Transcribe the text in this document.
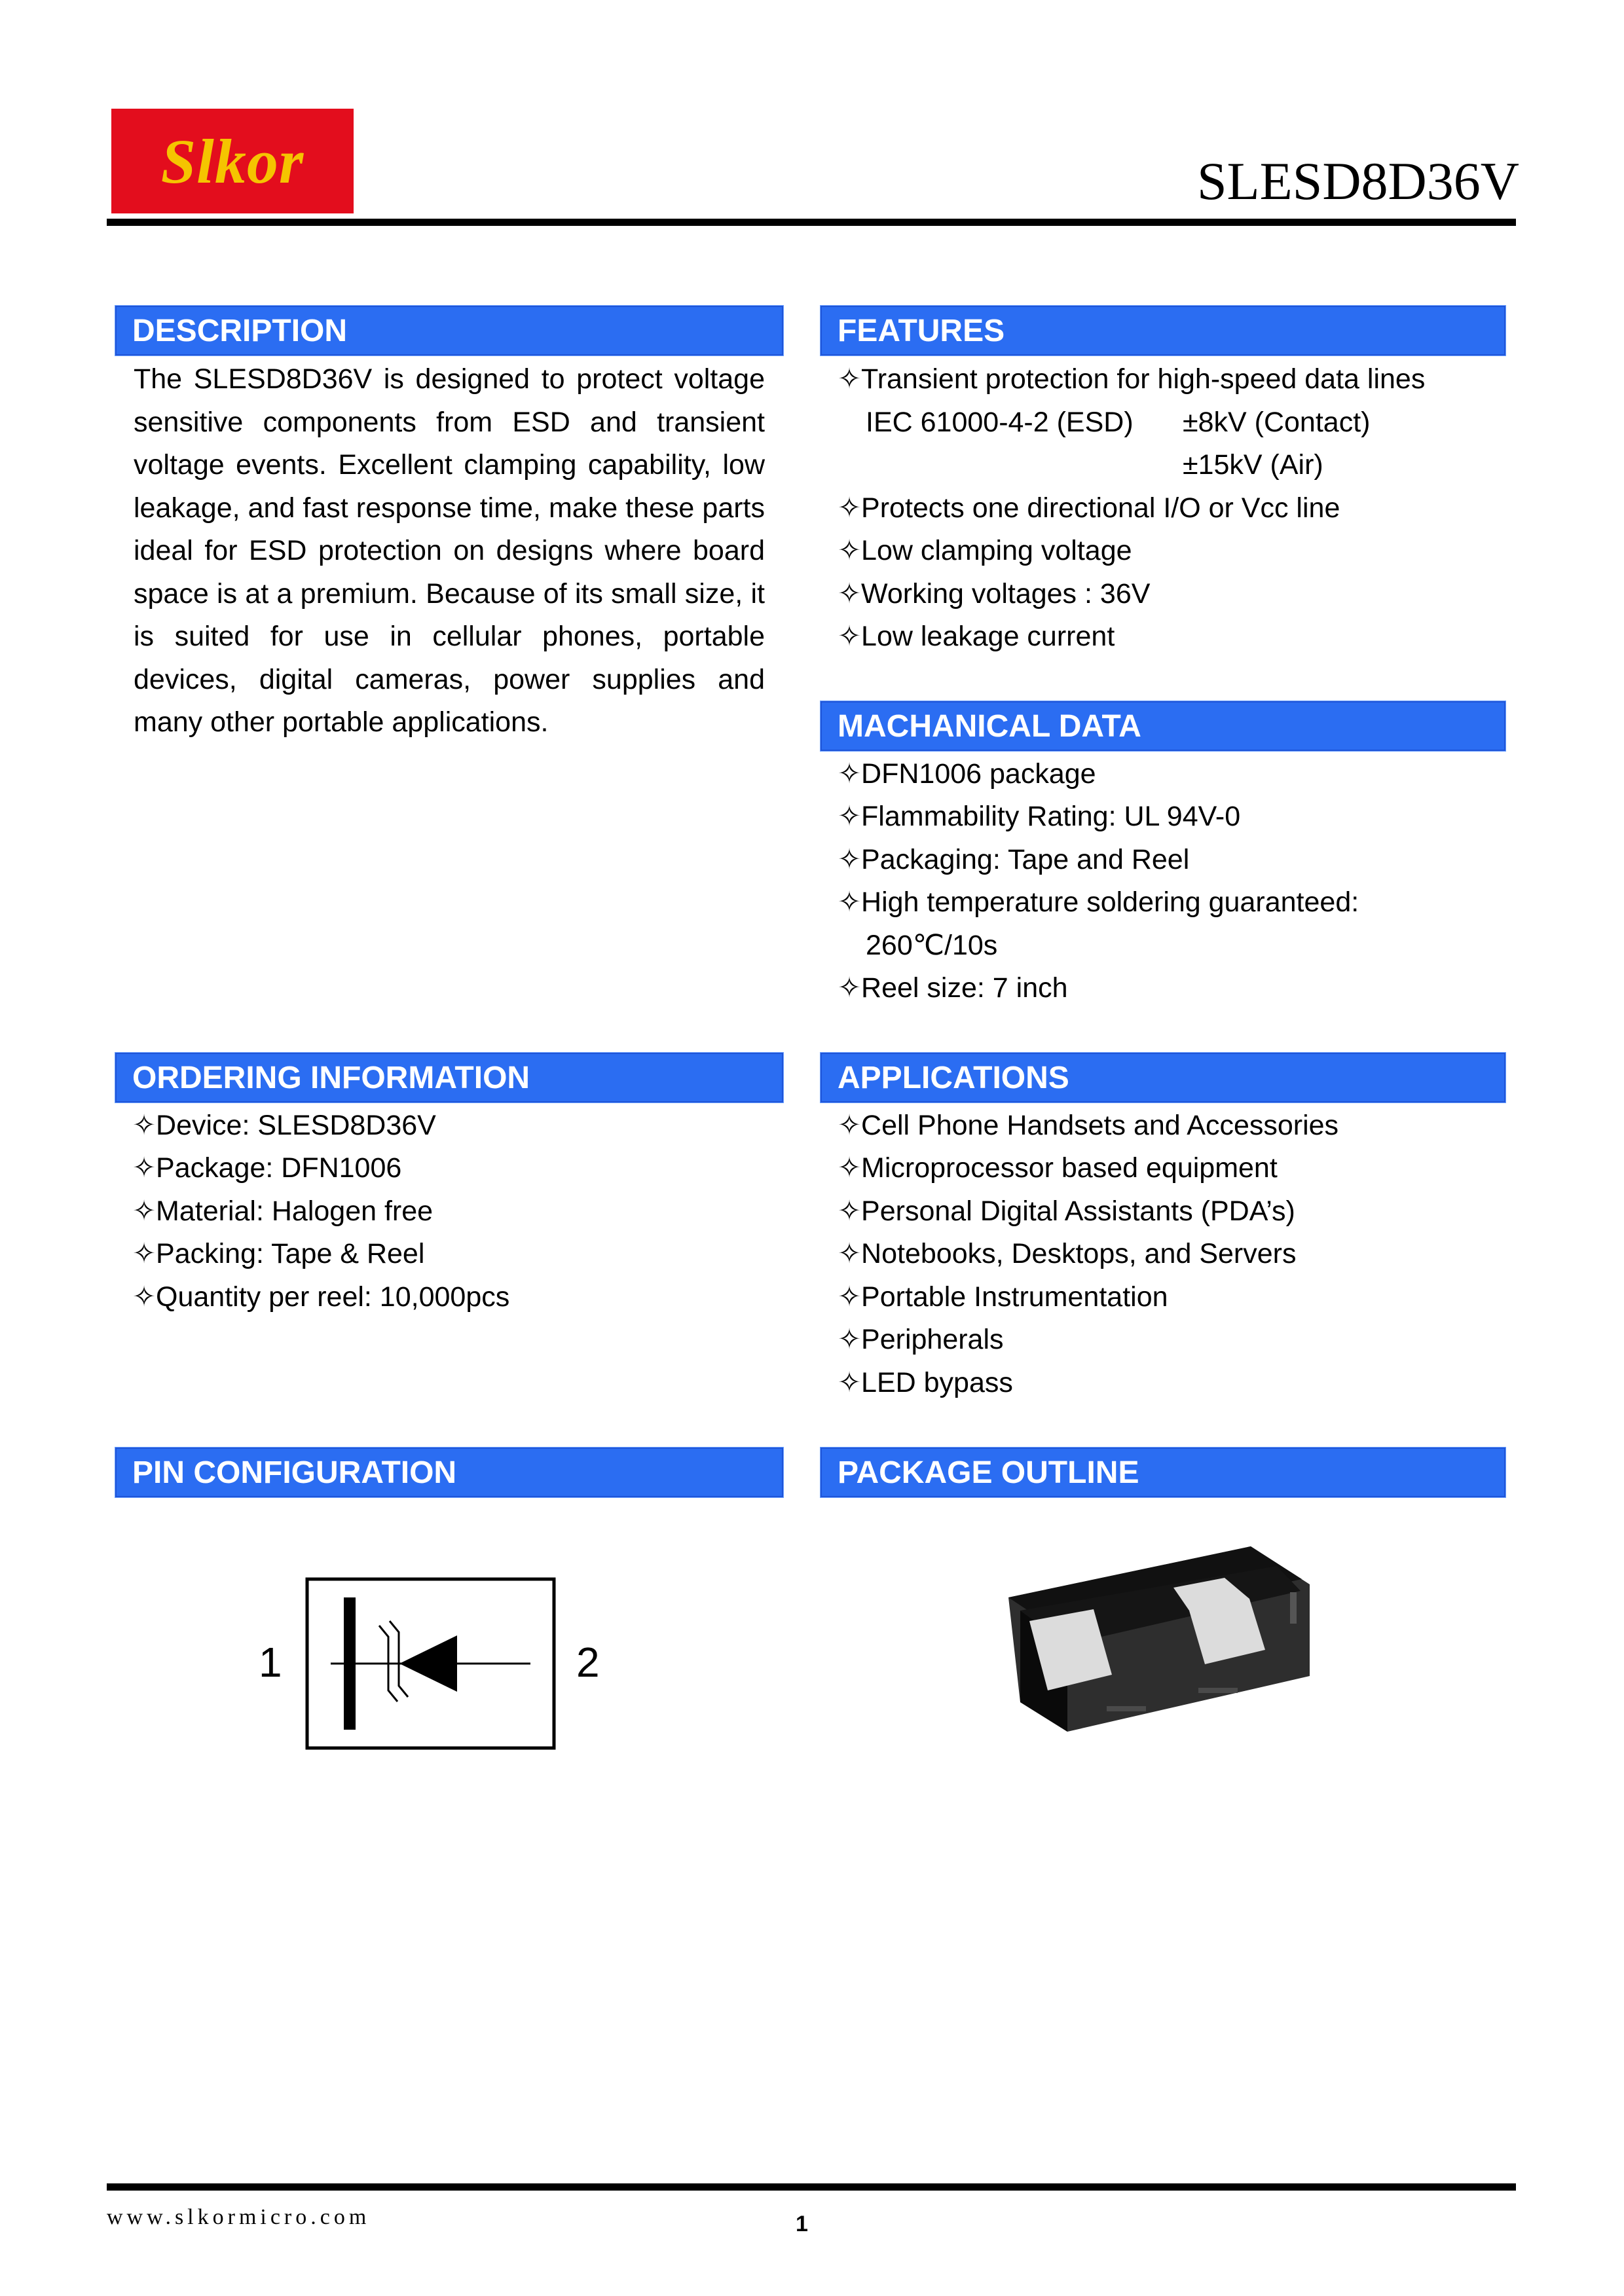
Slkor	SLESD8D36V
DESCRIPTION
The SLESD8D36V is designed to protect voltage sensitive components from ESD and transient voltage events. Excellent clamping capability, low leakage, and fast response time, make these parts ideal for ESD protection on designs where board space is at a premium. Because of its small size, it is suited for use in cellular phones, portable devices, digital cameras, power supplies and many other portable applications.
FEATURES
✧ Transient protection for high-speed data lines
IEC 61000-4-2 (ESD) ±8kV (Contact)
±15kV (Air)
✧ Protects one directional I/O or Vcc line
✧ Low clamping voltage
✧ Working voltages : 36V
✧ Low leakage current
MACHANICAL DATA
✧ DFN1006 package
✧ Flammability Rating: UL 94V-0
✧ Packaging: Tape and Reel
✧ High temperature soldering guaranteed:
260℃/10s
✧ Reel size: 7 inch
ORDERING INFORMATION
✧ Device: SLESD8D36V
✧ Package: DFN1006
✧ Material: Halogen free
✧ Packing: Tape & Reel
✧ Quantity per reel: 10,000pcs
APPLICATIONS
✧ Cell Phone Handsets and Accessories
✧ Microprocessor based equipment
✧ Personal Digital Assistants (PDA’s)
✧ Notebooks, Desktops, and Servers
✧ Portable Instrumentation
✧ Peripherals
✧ LED bypass
PIN CONFIGURATION
1	2
PACKAGE OUTLINE
www.slkormicro.com	1
